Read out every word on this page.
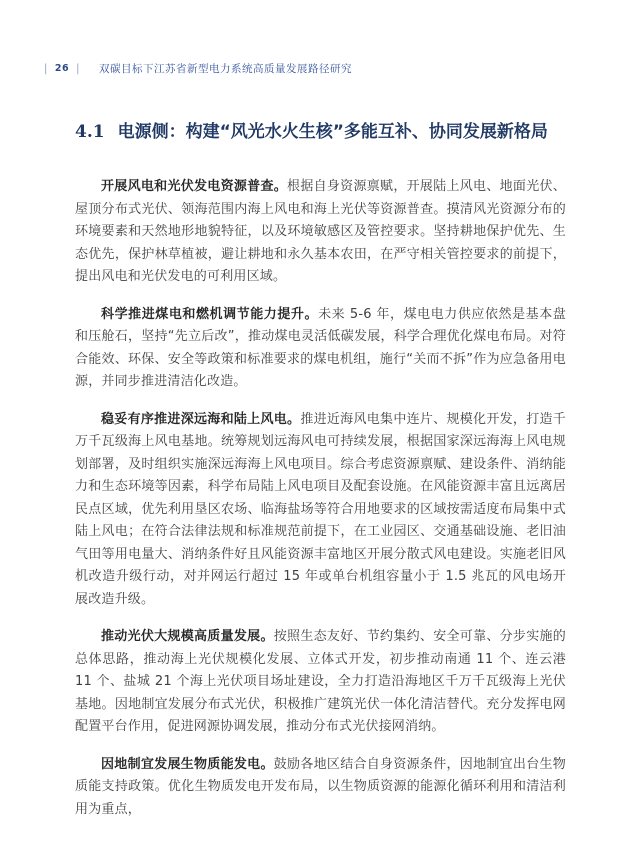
| 26 | 双碳目标下江苏省新型电力系统高质量发展路径研究
4.1 电源侧：构建“风光水火生核”多能互补、协同发展新格局

开展风电和光伏发电资源普查。根据自身资源禀赋，开展陆上风电、地面光伏、屋顶分布式光伏、领海范围内海上风电和海上光伏等资源普查。摸清风光资源分布的环境要素和天然地形地貌特征，以及环境敏感区及管控要求。坚持耕地保护优先、生态优先，保护林草植被，避让耕地和永久基本农田，在严守相关管控要求的前提下，提出风电和光伏发电的可利用区域。

科学推进煤电和燃机调节能力提升。未来 5-6 年，煤电电力供应依然是基本盘和压舱石，坚持“先立后改”，推动煤电灵活低碳发展，科学合理优化煤电布局。对符合能效、环保、安全等政策和标准要求的煤电机组，施行“关而不拆”作为应急备用电源，并同步推进清洁化改造。

稳妥有序推进深远海和陆上风电。推进近海风电集中连片、规模化开发，打造千万千瓦级海上风电基地。统筹规划远海风电可持续发展，根据国家深远海海上风电规划部署，及时组织实施深远海海上风电项目。综合考虑资源禀赋、建设条件、消纳能力和生态环境等因素，科学布局陆上风电项目及配套设施。在风能资源丰富且远离居民点区域，优先利用垦区农场、临海盐场等符合用地要求的区域按需适度布局集中式陆上风电；在符合法律法规和标准规范前提下，在工业园区、交通基础设施、老旧油气田等用电量大、消纳条件好且风能资源丰富地区开展分散式风电建设。实施老旧风机改造升级行动，对并网运行超过 15 年或单台机组容量小于 1.5 兆瓦的风电场开展改造升级。

推动光伏大规模高质量发展。按照生态友好、节约集约、安全可靠、分步实施的总体思路，推动海上光伏规模化发展、立体式开发，初步推动南通 11 个、连云港 11 个、盐城 21 个海上光伏项目场址建设，全力打造沿海地区千万千瓦级海上光伏基地。因地制宜发展分布式光伏，积极推广建筑光伏一体化清洁替代。充分发挥电网配置平台作用，促进网源协调发展，推动分布式光伏接网消纳。

因地制宜发展生物质能发电。鼓励各地区结合自身资源条件，因地制宜出台生物质能支持政策。优化生物质发电开发布局，以生物质资源的能源化循环利用和清洁利用为重点，
